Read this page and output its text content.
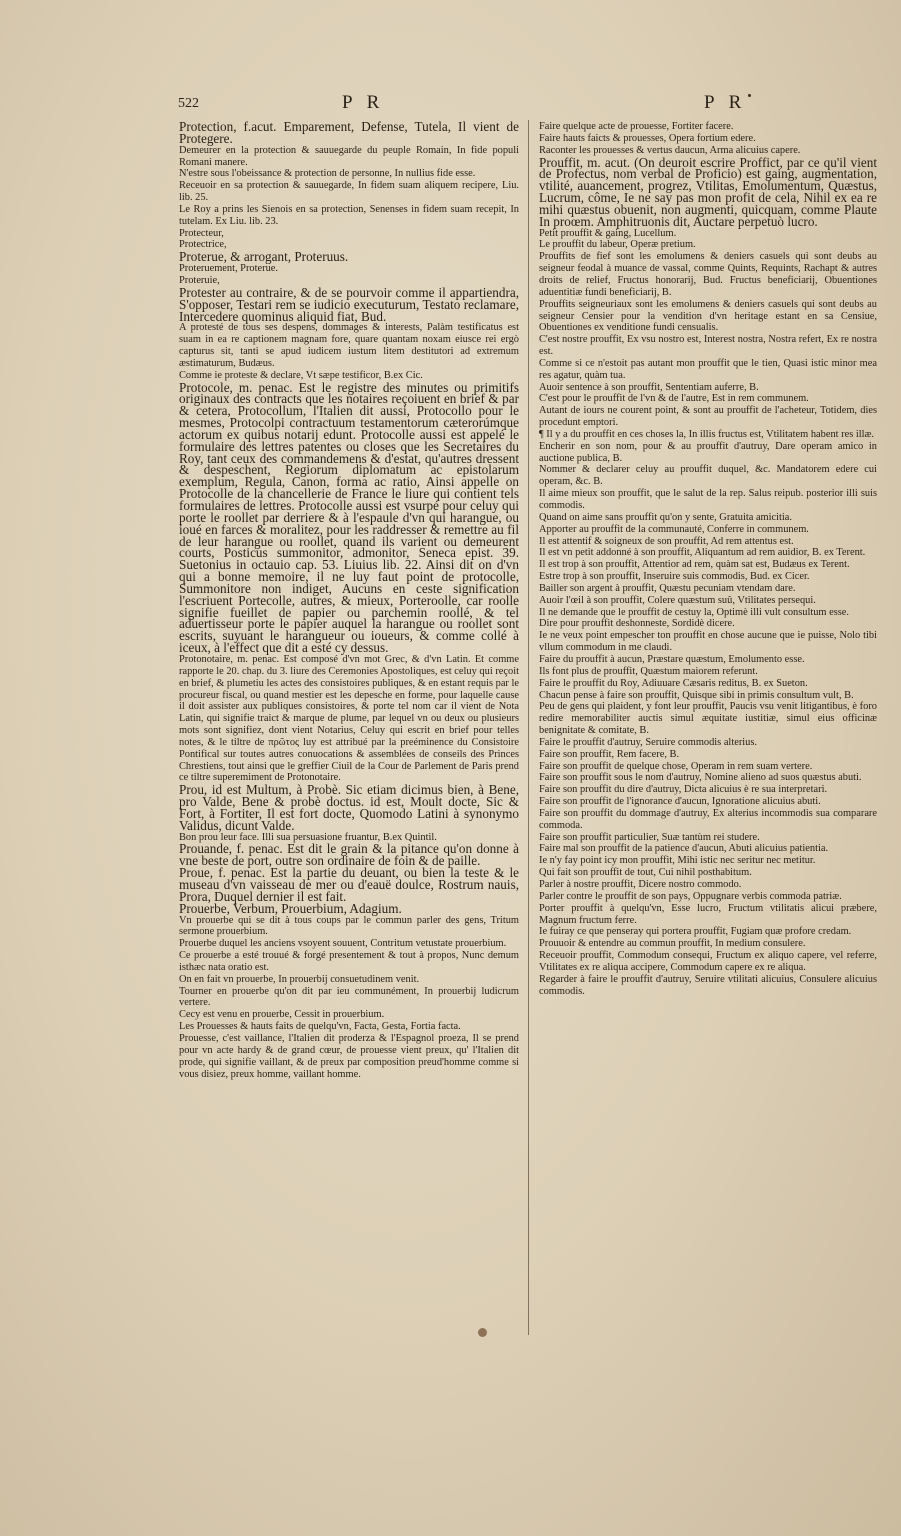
522	P R	P R

Protection, f.acut. Emparement, Defense, Tutela, Il vient de Protegere.

Demeurer en la protection & sauuegarde du peuple Romain, In fide populi Romani manere.

N'estre sous l'obeissance & protection de personne, In nullius fide esse.

Receuoir en sa protection & sauuegarde, In fidem suam aliquem recipere, Liu. lib. 25.

Le Roy a prins les Sienois en sa protection, Senenses in fidem suam recepit, In tutelam. Ex Liu. lib. 23.

Protecteur,

Protectrice,

Proterue, & arrogant, Proteruus.

Proteruement, Proterue.

Proteruie,

Protester au contraire, & de se pourvoir comme il appartiendra, S'opposer, Testari rem se iudicio executurum, Testato reclamare, Intercedere quominus aliquid fiat, Bud.

A protesté de tous ses despens, dommages & interests, Palàm testificatus est suam in ea re captionem magnam fore, quare quantam noxam eiusce rei ergò capturus sit, tanti se apud iudicem iustum litem destitutori ad extremum æstimaturum, Budæus.

Comme ie proteste & declare, Vt sæpe testificor, B.ex Cic.

Protocole, m. penac. Est le registre des minutes ou primitifs originaux des contracts que les notaires reçoiuent en brief & par & cetera, Protocollum, l'Italien dit aussi, Protocollo pour le mesmes, Protocolpi contractuum testamentorum cæterorúmque actorum ex quibus notarij edunt. Protocolle aussi est appelé le formulaire des lettres patentes ou closes que les Secretaires du Roy, tant ceux des commandemens & d'estat, qu'autres dressent & despeschent, Regiorum diplomatum ac epistolarum exemplum, Regula, Canon, forma ac ratio, Ainsi appelle on Protocolle de la chancellerie de France le liure qui contient tels formulaires de lettres. Protocolle aussi est vsurpé pour celuy qui porte le roollet par derriere & à l'espaule d'vn qui harangue, ou ioué en farces & moralitez, pour les raddresser & remettre au fil de leur harangue ou roollet, quand ils varient ou demeurent courts, Posticus summonitor, admonitor, Seneca epist. 39. Suetonius in octauio cap. 53. Liuius lib. 22. Ainsi dit on d'vn qui a bonne memoire, il ne luy faut point de protocolle, Summonitore non indiget, Aucuns en ceste signification l'escriuent Portecolle, autres, & mieux, Porteroolle, car roolle signifie fueillet de papier ou parchemin roollé, & tel aduertisseur porte le papier auquel la harangue ou roollet sont escrits, suyuant le harangueur ou ioueurs, & comme collé à iceux, à l'effect que dit a esté cy dessus.

Protonotaire, m. penac. Est composé d'vn mot Grec, & d'vn Latin. Et comme rapporte le 20. chap. du 3. liure des Ceremonies Apostoliques, est celuy qui reçoit en brief, & plumetiu les actes des consistoires publiques, & en estant requis par le procureur fiscal, ou quand mestier est les depesche en forme, pour laquelle cause il doit assister aux publiques consistoires, & porte tel nom car il vient de Nota Latin, qui signifie traict & marque de plume, par lequel vn ou deux ou plusieurs mots sont signifiez, dont vient Notarius, Celuy qui escrit en brief pour telles notes, & le tiltre de πρῶτος luy est attribué par la preéminence du Consistoire Pontifical sur toutes autres conuocations & assemblées de conseils des Princes Chrestiens, tout ainsi que le greffier Ciuil de la Cour de Parlement de Paris prend ce tiltre superemiment de Protonotaire.

Prou, id est Multum, à Probè. Sic etiam dicimus bien, à Bene, pro Valde, Bene & probè doctus. id est, Moult docte, Sic & Fort, à Fortiter, Il est fort docte, Quomodo Latini à synonymo Validus, dicunt Valde.

Bon prou leur face. Illi sua persuasione fruantur, B.ex Quintil.

Prouande, f. penac. Est dit le grain & la pitance qu'on donne à vne beste de port, outre son ordinaire de foin & de paille.

Proue, f. penac. Est la partie du deuant, ou bien la teste & le museau d'vn vaisseau de mer ou d'eauë doulce, Rostrum nauis, Prora, Duquel dernier il est fait.

Prouerbe, Verbum, Prouerbium, Adagium.

Vn prouerbe qui se dit à tous coups par le commun parler des gens, Tritum sermone prouerbium.

Prouerbe duquel les anciens vsoyent souuent, Contritum vetustate prouerbium.

Ce prouerbe a esté trouué & forgé presentement & tout à propos, Nunc demum isthæc nata oratio est.

On en fait vn prouerbe, In prouerbij consuetudinem venit.

Tourner en prouerbe qu'on dit par ieu communément, In prouerbij ludicrum vertere.

Cecy est venu en prouerbe, Cessit in prouerbium.

Les Prouesses & hauts faits de quelqu'vn, Facta, Gesta, Fortia facta.

Prouesse, c'est vaillance, l'Italien dit proderza & l'Espagnol proeza, Il se prend pour vn acte hardy & de grand cœur, de prouesse vient preux, qu' l'Italien dit prode, qui signifie vaillant, & de preux par composition preud'homme comme si vous disiez, preux homme, vaillant homme.

Faire quelque acte de prouesse, Fortiter facere.

Faire hauts faicts & prouesses, Opera fortium edere.

Raconter les prouesses & vertus daucun, Arma alicuius capere.

Prouffit, m. acut. (On deuroit escrire Proffict, par ce qu'il vient de Profectus, nom verbal de Proficio) est gaing, augmentation, vtilité, auancement, progrez, Vtilitas, Emolumentum, Quæstus, Lucrum, côme, Ie ne say pas mon profit de cela, Nihil ex ea re mihi quæstus obuenit, non augmenti, quicquam, comme Plaute In proœm. Amphitruonis dit, Auctare perpetuò lucro.

Petit prouffit & gaing, Lucellum.

Le prouffit du labeur, Operæ pretium.

Prouffits de fief sont les emolumens & deniers casuels qui sont deubs au seigneur feodal à muance de vassal, comme Quints, Requints, Rachapt & autres droits de relief, Fructus honorarij, Bud. Fructus beneficiarij, Obuentiones aduentitiæ fundi beneficiarij, B.

Prouffits seigneuriaux sont les emolumens & deniers casuels qui sont deubs au seigneur Censier pour la vendition d'vn heritage estant en sa Censiue, Obuentiones ex venditione fundi censualis.

C'est nostre prouffit, Ex vsu nostro est, Interest nostra, Nostra refert, Ex re nostra est.

Comme si ce n'estoit pas autant mon prouffit que le tien, Quasi istic minor mea res agatur, quàm tua.

Auoir sentence à son prouffit, Sententiam auferre, B.

C'est pour le prouffit de l'vn & de l'autre, Est in rem communem.

Autant de iours ne courent point, & sont au prouffit de l'acheteur, Totidem, dies procedunt emptori.

¶ Il y a du prouffit en ces choses la, In illis fructus est, Vtilitatem habent res illæ.

Encherir en son nom, pour & au prouffit d'autruy, Dare operam amico in auctione publica, B.

Nommer & declarer celuy au prouffit duquel, &c. Mandatorem edere cui operam, &c. B.

Il aime mieux son prouffit, que le salut de la rep. Salus reipub. posterior illi suis commodis.

Quand on aime sans prouffit qu'on y sente, Gratuita amicitia.

Apporter au prouffit de la communauté, Conferre in communem.

Il est attentif & soigneux de son prouffit, Ad rem attentus est.

Il est vn petit addonné à son prouffit, Aliquantum ad rem auidior, B. ex Terent.

Il est trop à son prouffit, Attentior ad rem, quàm sat est, Budæus ex Terent.

Estre trop à son prouffit, Inseruire suis commodis, Bud. ex Cicer.

Bailler son argent à prouffit, Quæstu pecuniam vtendam dare.

Auoir l'œil à son prouffit, Colere quæstum suû, Vtilitates persequi.

Il ne demande que le prouffit de cestuy la, Optimè illi vult consultum esse.

Dire pour prouffit deshonneste, Sordidè dicere.

Ie ne veux point empescher ton prouffit en chose aucune que ie puisse, Nolo tibi vllum commodum in me claudi.

Faire du prouffit à aucun, Præstare quæstum, Emolumento esse.

Ils font plus de prouffit, Quæstum maiorem referunt.

Faire le prouffit du Roy, Adiuuare Cæsaris reditus, B. ex Sueton.

Chacun pense à faire son prouffit, Quisque sibi in primis consultum vult, B.

Peu de gens qui plaident, y font leur prouffit, Paucis vsu venit litigantibus, è foro redire memorabiliter auctis simul æquitate iustitiæ, simul eius officinæ benignitate & comitate, B.

Faire le prouffit d'autruy, Seruire commodis alterius.

Faire son prouffit, Rem facere, B.

Faire son prouffit de quelque chose, Operam in rem suam vertere.

Faire son prouffit sous le nom d'autruy, Nomine alieno ad suos quæstus abuti.

Faire son prouffit du dire d'autruy, Dicta alicuius è re sua interpretari.

Faire son prouffit de l'ignorance d'aucun, Ignoratione alicuius abuti.

Faire son prouffit du dommage d'autruy, Ex alterius incommodis sua comparare commoda.

Faire son prouffit particulier, Suæ tantùm rei studere.

Faire mal son prouffit de la patience d'aucun, Abuti alicuius patientia.

Ie n'y fay point icy mon prouffit, Mihi istic nec seritur nec metitur.

Qui fait son prouffit de tout, Cui nihil posthabitum.

Parler à nostre prouffit, Dicere nostro commodo.

Parler contre le prouffit de son pays, Oppugnare verbis commoda patriæ.

Porter prouffit à quelqu'vn, Esse lucro, Fructum vtilitatis alicui præbere, Magnum fructum ferre.

Ie fuiray ce que penseray qui portera prouffit, Fugiam quæ profore credam.

Prouuoir & entendre au commun prouffit, In medium consulere.

Receuoir prouffit, Commodum consequi, Fructum ex aliquo capere, vel referre, Vtilitates ex re aliqua accipere, Commodum capere ex re aliqua.

Regarder à faire le prouffit d'autruy, Seruire vtilitati alicuius, Consulere alicuius commodis.
